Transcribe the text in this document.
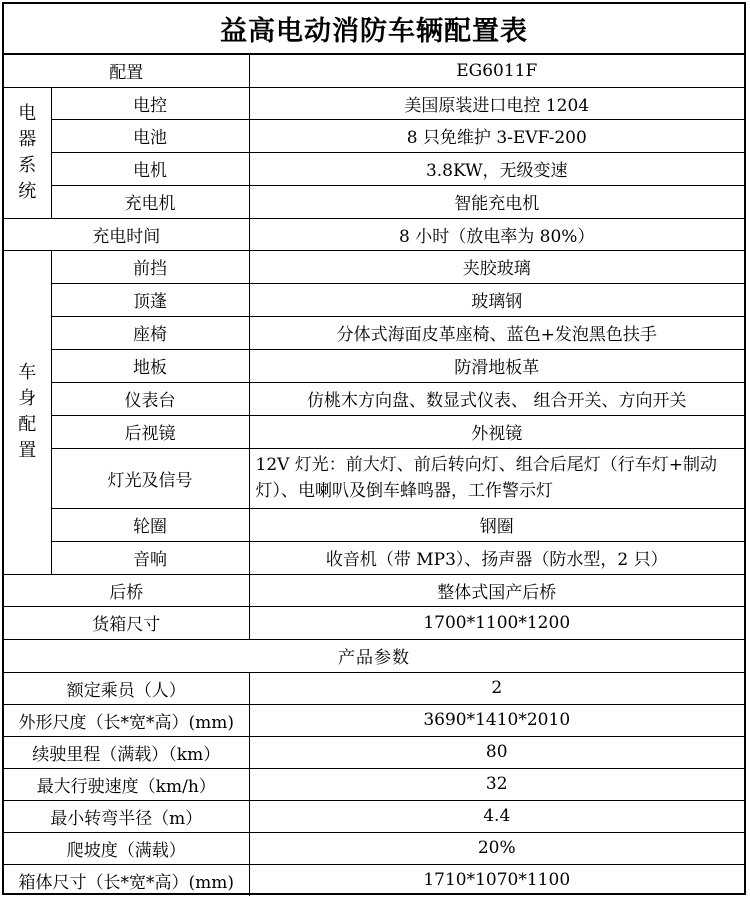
益高电动消防车辆配置表
配置		EG6011F

电
器
系
统	电控	美国原装进口电控 1204
	电池	8 只免维护 3-EVF-200
	电机	3.8KW，无级变速
	充电机	智能充电机
充电时间		8 小时（放电率为 80%）

车
身
配
置	前挡	夹胶玻璃
	顶蓬	玻璃钢
	座椅	分体式海面皮革座椅、蓝色+发泡黑色扶手
	地板	防滑地板革
	仪表台	仿桃木方向盘、数显式仪表、 组合开关、方向开关
	后视镜	外视镜
	灯光及信号	12V 灯光：前大灯、前后转向灯、组合后尾灯（行车灯+制动灯）、电喇叭及倒车蜂鸣器，工作警示灯
	轮圈	钢圈
	音响	收音机（带 MP3）、扬声器（防水型，2 只）
后桥		整体式国产后桥
货箱尺寸		1700*1100*1200
产品参数		
额定乘员（人）		2
外形尺度（长*宽*高）(mm)		3690*1410*2010
续驶里程（满载）（km）		80
最大行驶速度（km/h）		32
最小转弯半径（m）		4.4
爬坡度（满载）		20%
箱体尺寸（长*宽*高）(mm)		1710*1070*1100
